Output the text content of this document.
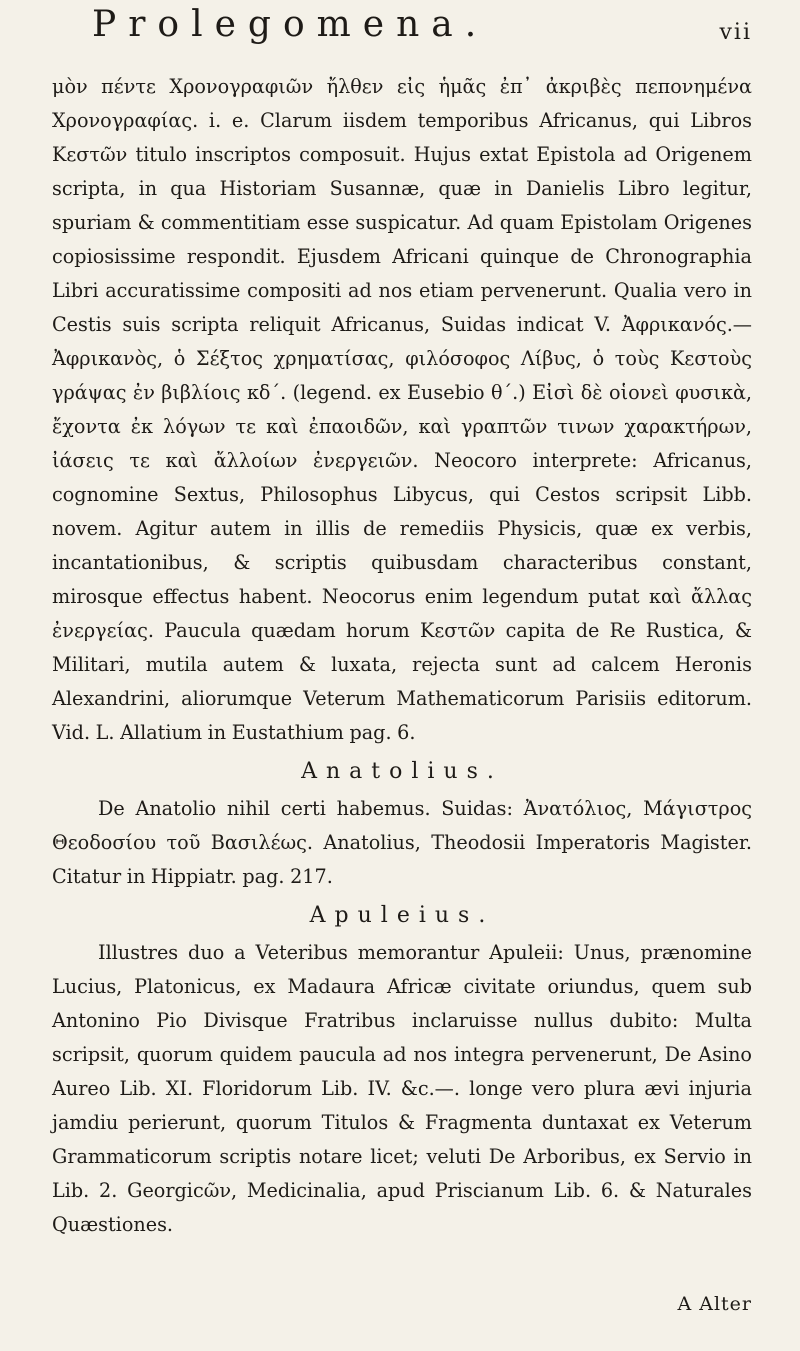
Prolegomena.	vii

μὸν πέντε Χρονογραφιῶν ἤλθεν εἰς ἡμᾶς ἐπ᾿ ἀκριβὲς πεπονημένα Χρονογραφίας. i. e. Clarum iisdem temporibus Africanus, qui Libros Κεστῶν titulo inscriptos composuit. Hujus extat Epistola ad Origenem scripta, in qua Historiam Susannæ, quæ in Danielis Libro legitur, spuriam & commentitiam esse suspicatur. Ad quam Epistolam Origenes copiosissime respondit. Ejusdem Africani quinque de Chronographia Libri accuratissime compositi ad nos etiam pervenerunt. Qualia vero in Cestis suis scripta reliquit Africanus, Suidas indicat V. Ἀφρικανός.— Ἀφρικανὸς, ὁ Σέξτος χρηματίσας, φιλόσοφος Λίβυς, ὁ τοὺς Κεστοὺς γράψας ἐν βιβλίοις κδ΄. (legend. ex Eusebio θ΄.) Εἰσὶ δὲ οἱονεὶ φυσικὰ, ἔχοντα ἐκ λόγων τε καὶ ἐπαοιδῶν, καὶ γραπτῶν τινων χαρακτήρων, ἰάσεις τε καὶ ἄλλοίων ἐνεργειῶν. Neocoro interprete: Africanus, cognomine Sextus, Philosophus Libycus, qui Cestos scripsit Libb. novem. Agitur autem in illis de remediis Physicis, quæ ex verbis, incantationibus, & scriptis quibusdam characteribus constant, mirosque effectus habent. Neocorus enim legendum putat καὶ ἄλλας ἐνεργείας. Paucula quædam horum Κεστῶν capita de Re Rustica, & Militari, mutila autem & luxata, rejecta sunt ad calcem Heronis Alexandrini, aliorumque Veterum Mathematicorum Parisiis editorum. Vid. L. Allatium in Eustathium pag. 6.

Anatolius.

De Anatolio nihil certi habemus. Suidas: Ἀνατόλιος, Μάγιστρος Θεοδοσίου τοῦ Βασιλέως. Anatolius, Theodosii Imperatoris Magister. Citatur in Hippiatr. pag. 217.

Apuleius.

Illustres duo a Veteribus memorantur Apuleii: Unus, prænomine Lucius, Platonicus, ex Madaura Africæ civitate oriundus, quem sub Antonino Pio Divisque Fratribus inclaruisse nullus dubito: Multa scripsit, quorum quidem paucula ad nos integra pervenerunt, De Asino Aureo Lib. XI. Floridorum Lib. IV. &c.—. longe vero plura ævi injuria jamdiu perierunt, quorum Titulos & Fragmenta duntaxat ex Veterum Grammaticorum scriptis notare licet; veluti De Arboribus, ex Servio in Lib. 2. Georgicῶν, Medicinalia, apud Priscianum Lib. 6. & Naturales Quæstiones.

A Alter
